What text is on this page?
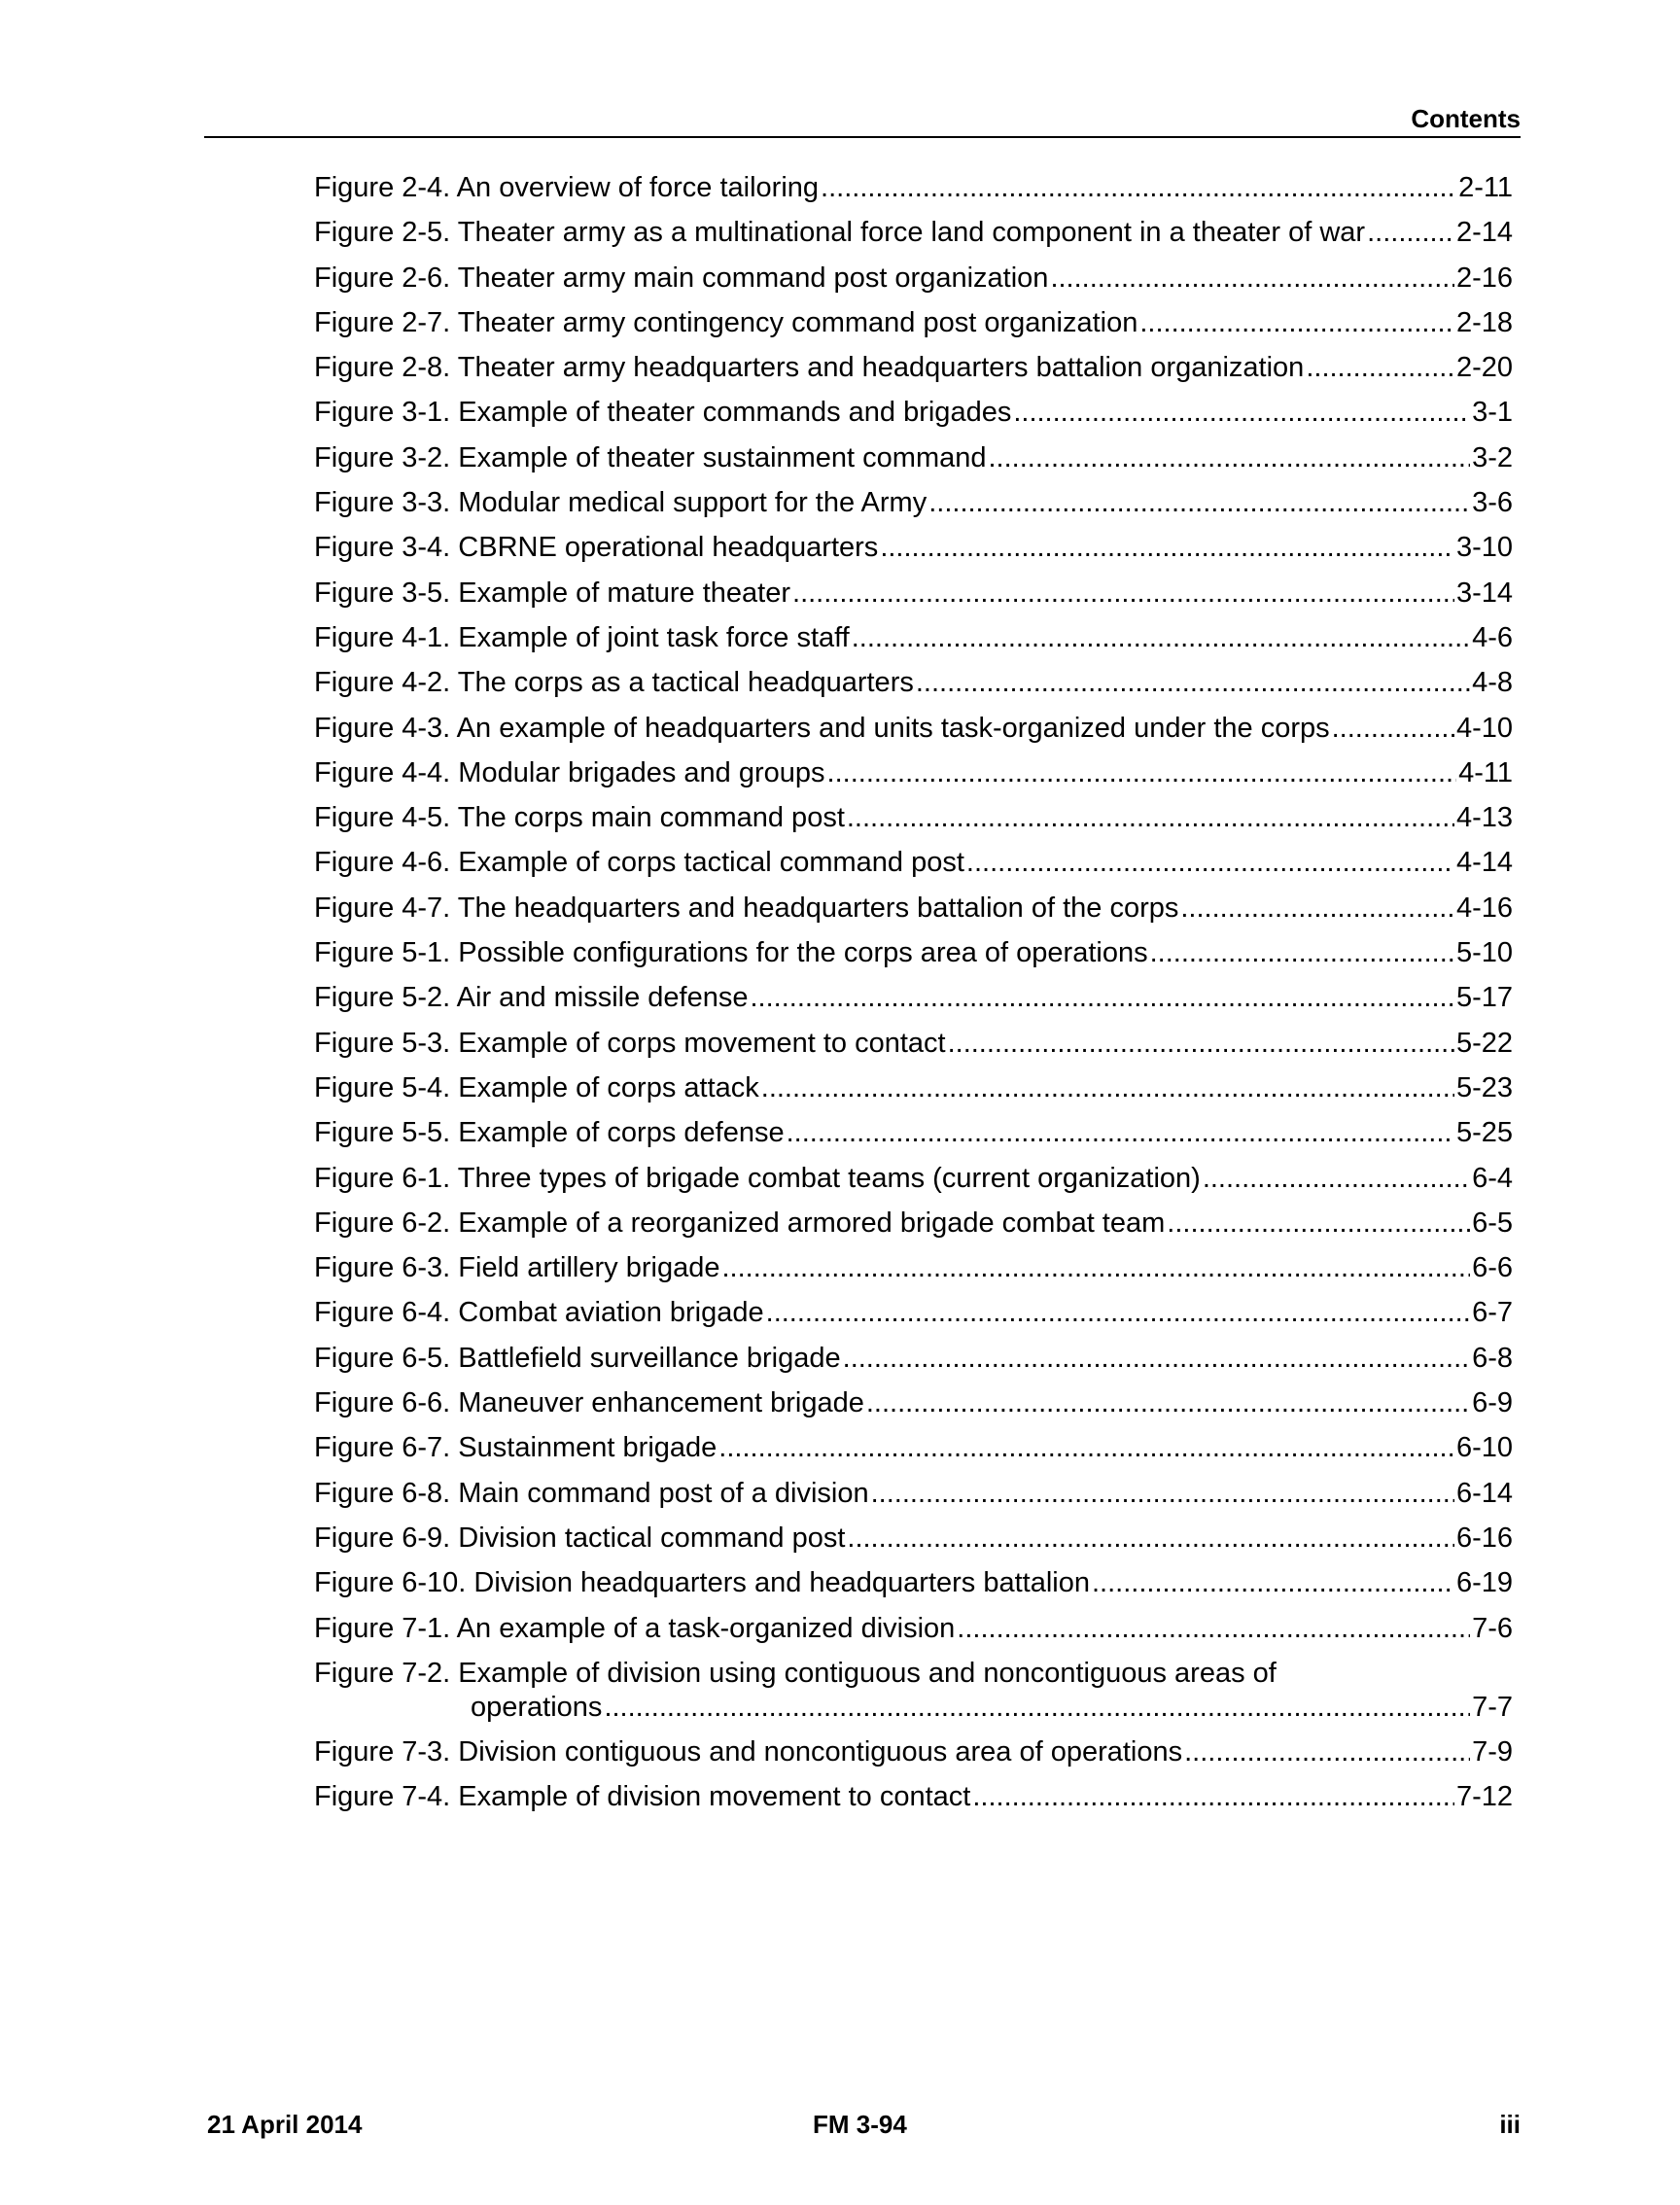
Contents
Figure 2-4. An overview of force tailoring .....	2-11
Figure 2-5. Theater army as a multinational force land component in a theater of war .....	2-14
Figure 2-6. Theater army main command post organization .....	2-16
Figure 2-7. Theater army contingency command post organization .....	2-18
Figure 2-8. Theater army headquarters and headquarters battalion organization .....	2-20
Figure 3-1. Example of theater commands and brigades .....	3-1
Figure 3-2. Example of theater sustainment command .....	3-2
Figure 3-3. Modular medical support for the Army .....	3-6
Figure 3-4. CBRNE operational headquarters .....	3-10
Figure 3-5. Example of mature theater .....	3-14
Figure 4-1. Example of joint task force staff .....	4-6
Figure 4-2. The corps as a tactical headquarters .....	4-8
Figure 4-3. An example of headquarters and units task-organized under the corps .....	4-10
Figure 4-4. Modular brigades and groups .....	4-11
Figure 4-5. The corps main command post .....	4-13
Figure 4-6. Example of corps tactical command post .....	4-14
Figure 4-7. The headquarters and headquarters battalion of the corps .....	4-16
Figure 5-1. Possible configurations for the corps area of operations .....	5-10
Figure 5-2. Air and missile defense .....	5-17
Figure 5-3. Example of corps movement to contact .....	5-22
Figure 5-4. Example of corps attack .....	5-23
Figure 5-5. Example of corps defense .....	5-25
Figure 6-1. Three types of brigade combat teams (current organization) .....	6-4
Figure 6-2. Example of a reorganized armored brigade combat team .....	6-5
Figure 6-3. Field artillery brigade .....	6-6
Figure 6-4. Combat aviation brigade .....	6-7
Figure 6-5. Battlefield surveillance brigade .....	6-8
Figure 6-6. Maneuver enhancement brigade .....	6-9
Figure 6-7. Sustainment brigade .....	6-10
Figure 6-8. Main command post of a division .....	6-14
Figure 6-9. Division tactical command post .....	6-16
Figure 6-10. Division headquarters and headquarters battalion .....	6-19
Figure 7-1. An example of a task-organized division .....	7-6
Figure 7-2. Example of division using contiguous and noncontiguous areas of
operations .....	7-7
Figure 7-3. Division contiguous and noncontiguous area of operations .....	7-9
Figure 7-4. Example of division movement to contact .....	7-12
21 April 2014	FM 3-94	iii
